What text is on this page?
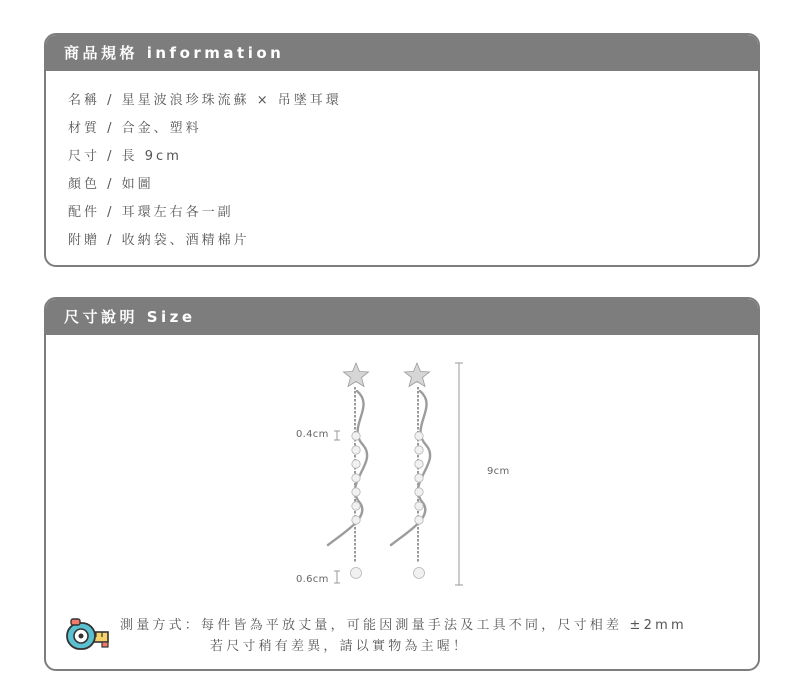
商品規格 information
名稱 / 星星波浪珍珠流蘇 × 吊墜耳環
材質 / 合金、塑料
尺寸 / 長 9cm
顏色 / 如圖
配件 / 耳環左右各一副
附贈 / 收納袋、酒精棉片
尺寸說明 Size
0.4cm
0.6cm
9cm
測量方式：每件皆為平放丈量，可能因測量手法及工具不同，尺寸相差 ±2mm
若尺寸稍有差異，請以實物為主喔！
